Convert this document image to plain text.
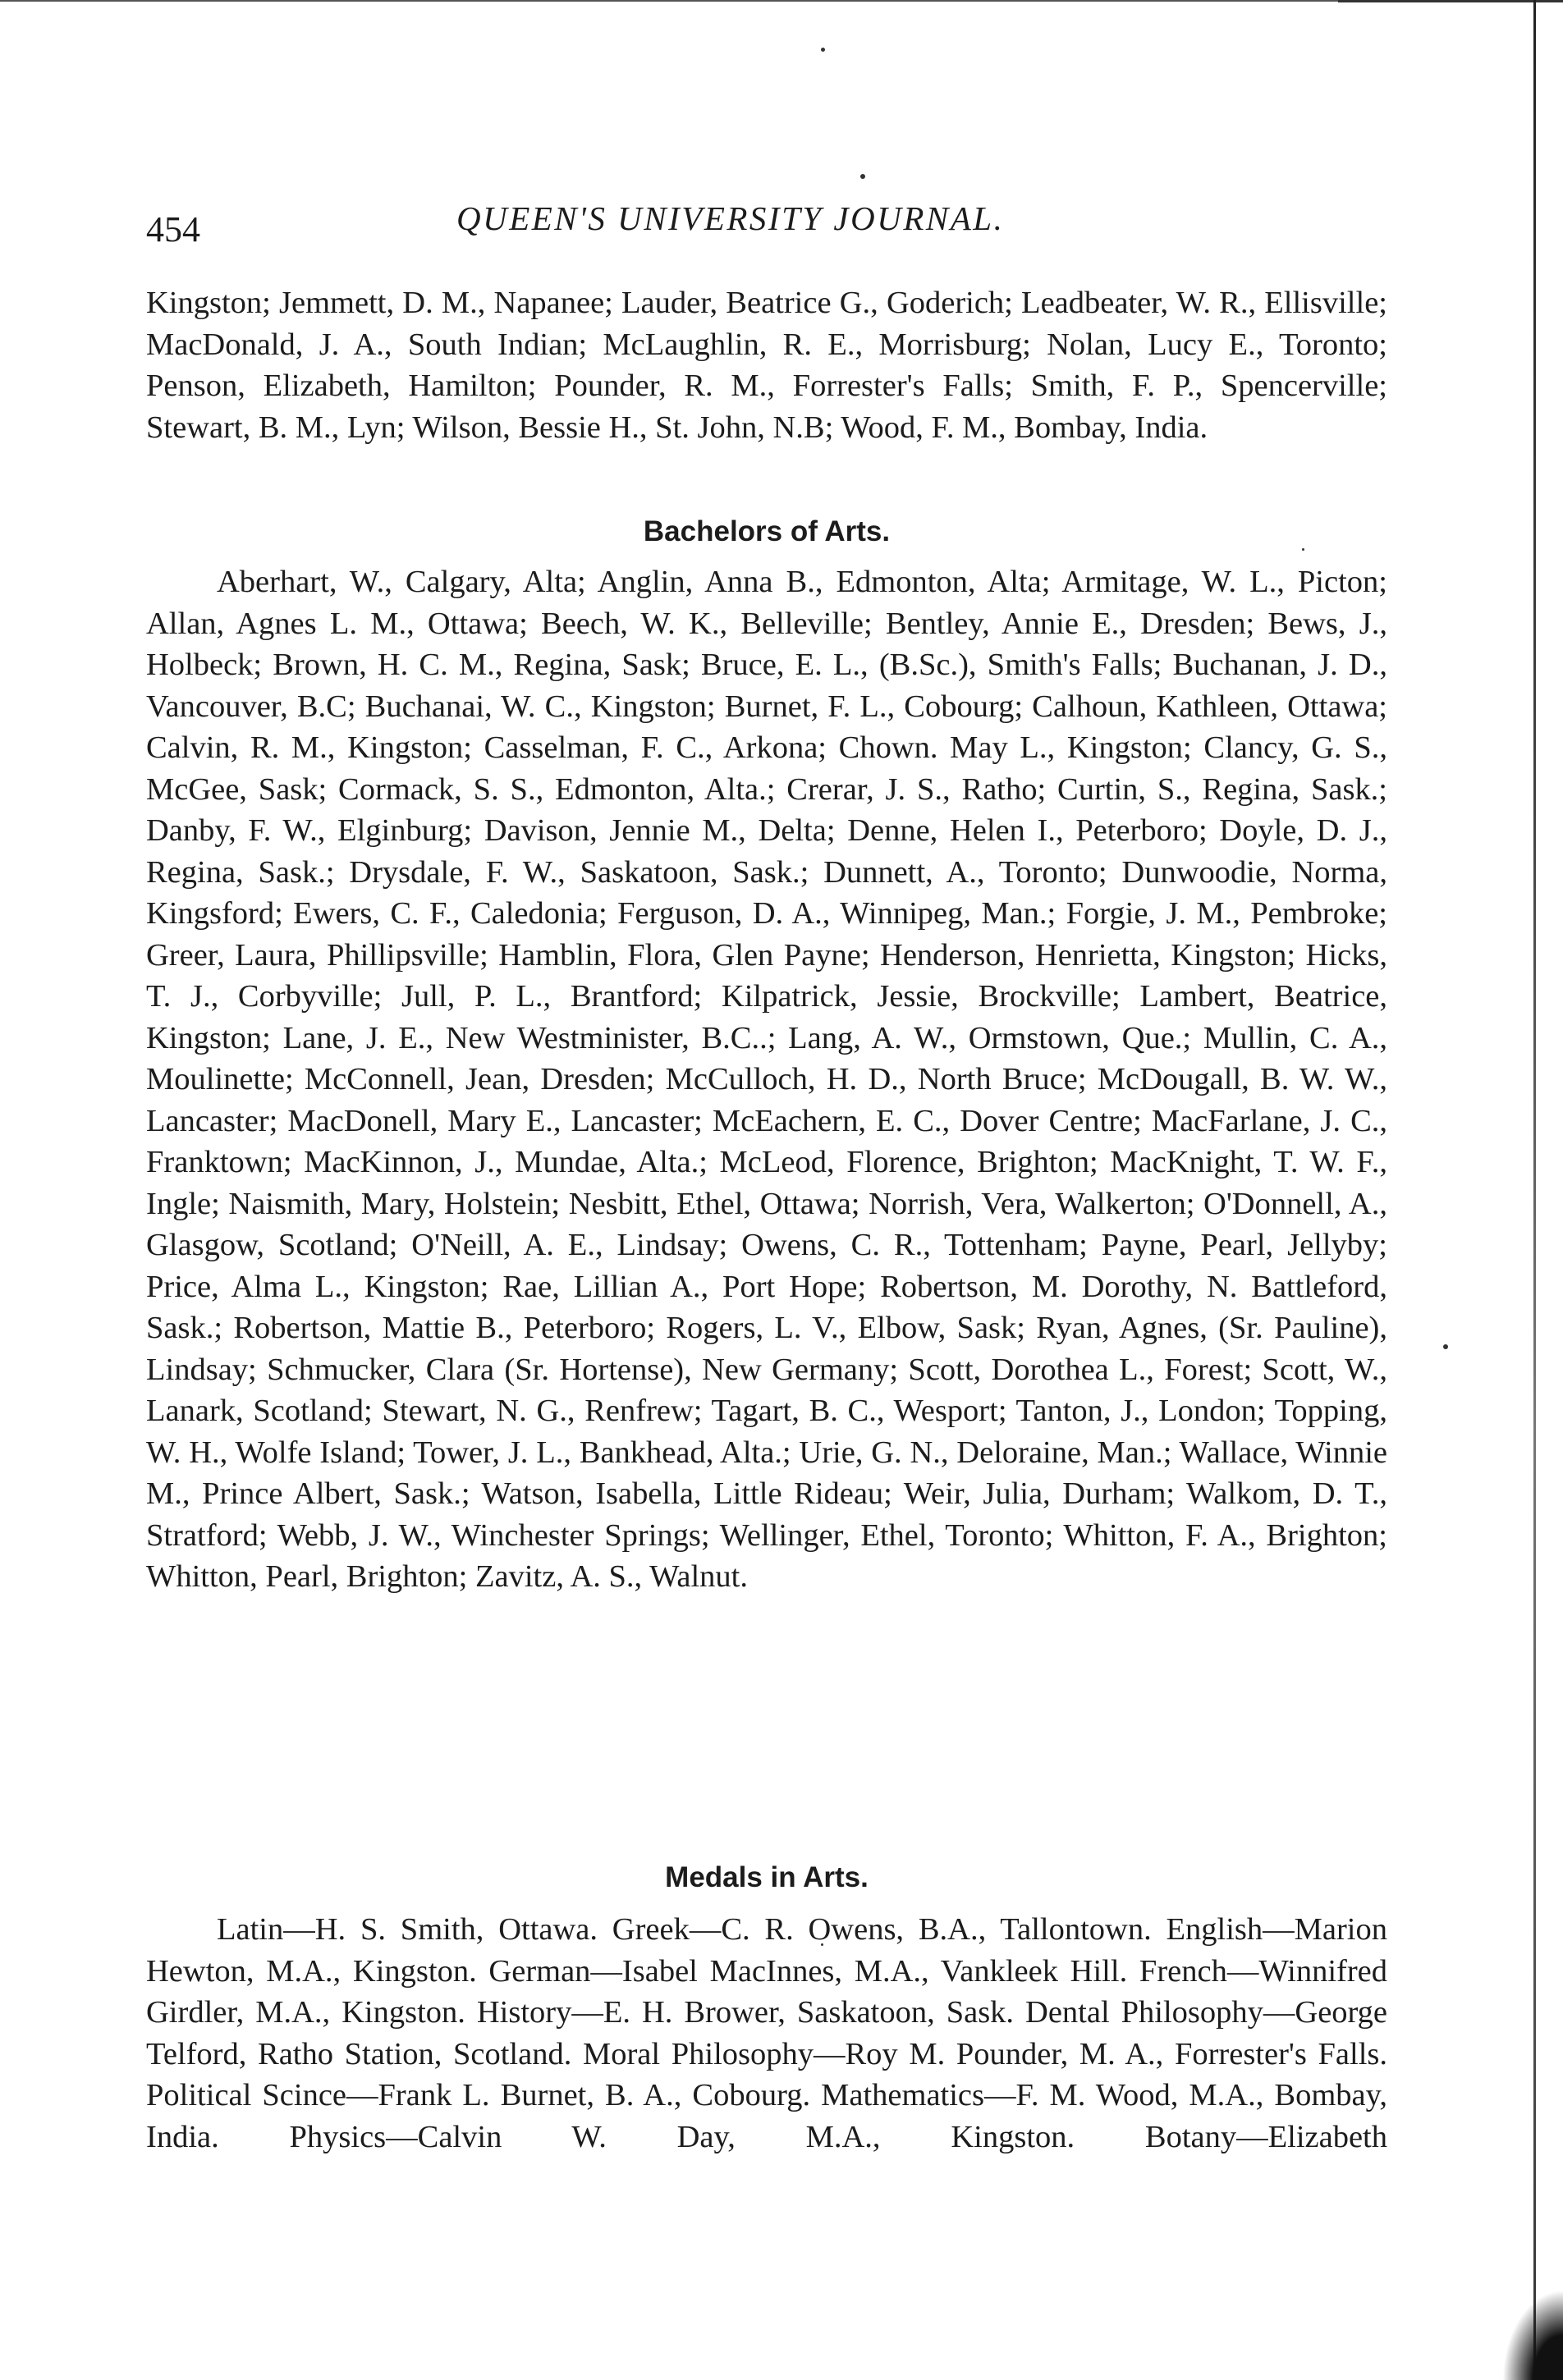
454	QUEEN'S UNIVERSITY JOURNAL.
Kingston; Jemmett, D. M., Napanee; Lauder, Beatrice G., Goderich; Leadbeater, W. R., Ellisville; MacDonald, J. A., South Indian; McLaughlin, R. E., Morrisburg; Nolan, Lucy E., Toronto; Penson, Elizabeth, Hamilton; Pounder, R. M., Forrester's Falls; Smith, F. P., Spencerville; Stewart, B. M., Lyn; Wilson, Bessie H., St. John, N.B; Wood, F. M., Bombay, India.
Bachelors of Arts.
Aberhart, W., Calgary, Alta; Anglin, Anna B., Edmonton, Alta; Armitage, W. L., Picton; Allan, Agnes L. M., Ottawa; Beech, W. K., Belleville; Bentley, Annie E., Dresden; Bews, J., Holbeck; Brown, H. C. M., Regina, Sask; Bruce, E. L., (B.Sc.), Smith's Falls; Buchanan, J. D., Vancouver, B.C; Buchanai, W. C., Kingston; Burnet, F. L., Cobourg; Calhoun, Kathleen, Ottawa; Calvin, R. M., Kingston; Casselman, F. C., Arkona; Chown. May L., Kingston; Clancy, G. S., McGee, Sask; Cormack, S. S., Edmonton, Alta.; Crerar, J. S., Ratho; Curtin, S., Regina, Sask.; Danby, F. W., Elginburg; Davison, Jennie M., Delta; Denne, Helen I., Peterboro; Doyle, D. J., Regina, Sask.; Drysdale, F. W., Saskatoon, Sask.; Dunnett, A., Toronto; Dunwoodie, Norma, Kingsford; Ewers, C. F., Caledonia; Ferguson, D. A., Winnipeg, Man.; Forgie, J. M., Pembroke; Greer, Laura, Phillipsville; Hamblin, Flora, Glen Payne; Henderson, Henrietta, Kingston; Hicks, T. J., Corbyville; Jull, P. L., Brantford; Kilpatrick, Jessie, Brockville; Lambert, Beatrice, Kingston; Lane, J. E., New Westminister, B.C..; Lang, A. W., Ormstown, Que.; Mullin, C. A., Moulinette; McConnell, Jean, Dresden; McCulloch, H. D., North Bruce; McDougall, B. W. W., Lancaster; MacDonell, Mary E., Lancaster; McEachern, E. C., Dover Centre; MacFarlane, J. C., Franktown; MacKinnon, J., Mundae, Alta.; McLeod, Florence, Brighton; MacKnight, T. W. F., Ingle; Naismith, Mary, Holstein; Nesbitt, Ethel, Ottawa; Norrish, Vera, Walkerton; O'Donnell, A., Glasgow, Scotland; O'Neill, A. E., Lindsay; Owens, C. R., Tottenham; Payne, Pearl, Jellyby; Price, Alma L., Kingston; Rae, Lillian A., Port Hope; Robertson, M. Dorothy, N. Battleford, Sask.; Robertson, Mattie B., Peterboro; Rogers, L. V., Elbow, Sask; Ryan, Agnes, (Sr. Pauline), Lindsay; Schmucker, Clara (Sr. Hortense), New Germany; Scott, Dorothea L., Forest; Scott, W., Lanark, Scotland; Stewart, N. G., Renfrew; Tagart, B. C., Wesport; Tanton, J., London; Topping, W. H., Wolfe Island; Tower, J. L., Bankhead, Alta.; Urie, G. N., Deloraine, Man.; Wallace, Winnie M., Prince Albert, Sask.; Watson, Isabella, Little Rideau; Weir, Julia, Durham; Walkom, D. T., Stratford; Webb, J. W., Winchester Springs; Wellinger, Ethel, Toronto; Whitton, F. A., Brighton; Whitton, Pearl, Brighton; Zavitz, A. S., Walnut.
Medals in Arts.
Latin—H. S. Smith, Ottawa. Greek—C. R. Owens, B.A., Tallontown. English—Marion Hewton, M.A., Kingston. German—Isabel MacInnes, M.A., Vankleek Hill. French—Winnifred Girdler, M.A., Kingston. History—E. H. Brower, Saskatoon, Sask. Dental Philosophy—George Telford, Ratho Station, Scotland. Moral Philosophy—Roy M. Pounder, M. A., Forrester's Falls. Political Scince—Frank L. Burnet, B. A., Cobourg. Mathematics—F. M. Wood, M.A., Bombay, India. Physics—Calvin W. Day, M.A., Kingston. Botany—Elizabeth
